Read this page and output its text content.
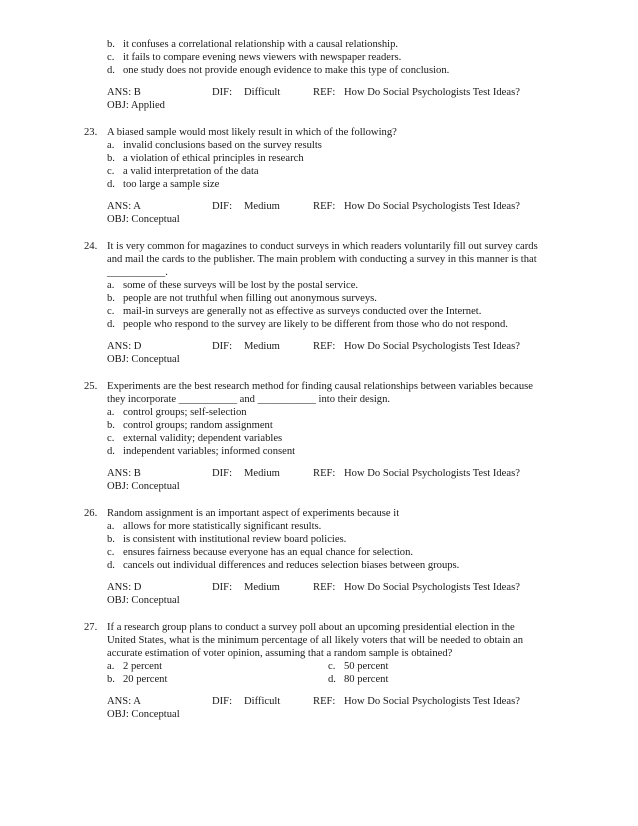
b. it confuses a correlational relationship with a causal relationship.
c. it fails to compare evening news viewers with newspaper readers.
d. one study does not provide enough evidence to make this type of conclusion.
ANS: B	DIF: Difficult	REF: How Do Social Psychologists Test Ideas?
OBJ: Applied
23. A biased sample would most likely result in which of the following?
a. invalid conclusions based on the survey results
b. a violation of ethical principles in research
c. a valid interpretation of the data
d. too large a sample size
ANS: A	DIF: Medium	REF: How Do Social Psychologists Test Ideas?
OBJ: Conceptual
24. It is very common for magazines to conduct surveys in which readers voluntarily fill out survey cards
and mail the cards to the publisher. The main problem with conducting a survey in this manner is that
___________.
a. some of these surveys will be lost by the postal service.
b. people are not truthful when filling out anonymous surveys.
c. mail-in surveys are generally not as effective as surveys conducted over the Internet.
d. people who respond to the survey are likely to be different from those who do not respond.
ANS: D	DIF: Medium	REF: How Do Social Psychologists Test Ideas?
OBJ: Conceptual
25. Experiments are the best research method for finding causal relationships between variables because
they incorporate ___________ and ___________ into their design.
a. control groups; self-selection
b. control groups; random assignment
c. external validity; dependent variables
d. independent variables; informed consent
ANS: B	DIF: Medium	REF: How Do Social Psychologists Test Ideas?
OBJ: Conceptual
26. Random assignment is an important aspect of experiments because it
a. allows for more statistically significant results.
b. is consistent with institutional review board policies.
c. ensures fairness because everyone has an equal chance for selection.
d. cancels out individual differences and reduces selection biases between groups.
ANS: D	DIF: Medium	REF: How Do Social Psychologists Test Ideas?
OBJ: Conceptual
27. If a research group plans to conduct a survey poll about an upcoming presidential election in the
United States, what is the minimum percentage of all likely voters that will be needed to obtain an
accurate estimation of voter opinion, assuming that a random sample is obtained?
a. 2 percent	c. 50 percent
b. 20 percent	d. 80 percent
ANS: A	DIF: Difficult	REF: How Do Social Psychologists Test Ideas?
OBJ: Conceptual
